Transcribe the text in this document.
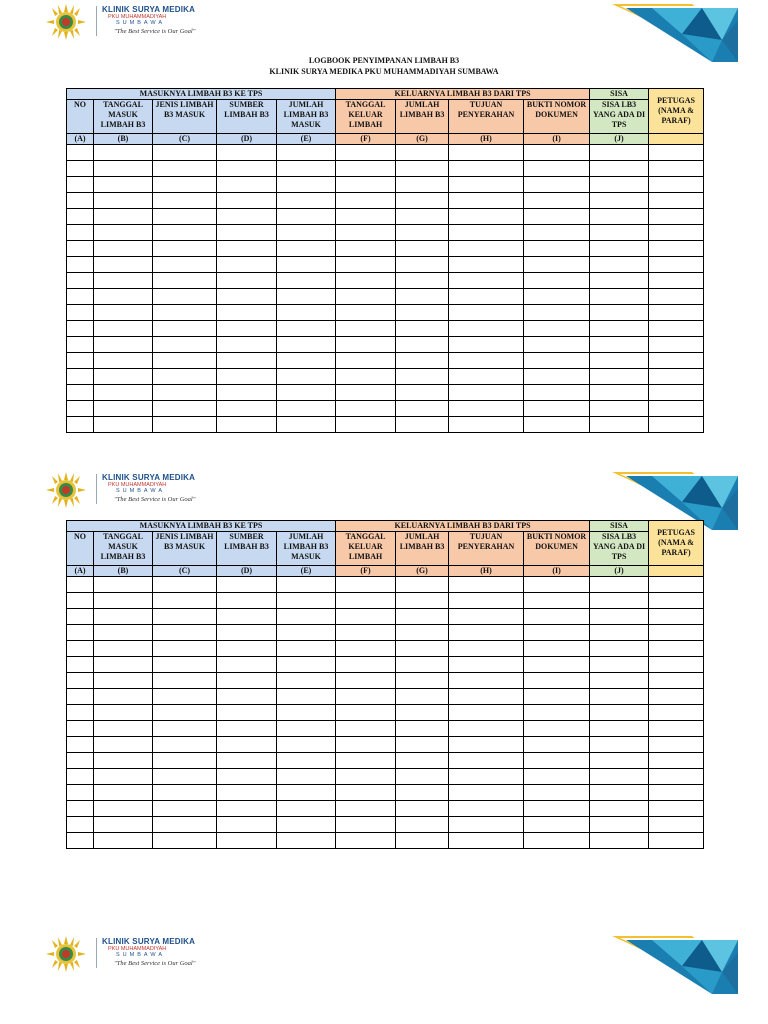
KLINIK SURYA MEDIKA
PKU MUHAMMADIYAH
SUMBAWA
"The Best Service is Our Goal"
LOGBOOK PENYIMPANAN LIMBAH B3
KLINIK SURYA MEDIKA PKU MUHAMMADIYAH SUMBAWA
MASUKNYA LIMBAH B3 KE TPS					KELUARNYA LIMBAH B3 DARI TPS				SISA	PETUGAS (NAMA & PARAF)
NO	TANGGAL MASUK LIMBAH B3	JENIS LIMBAH B3 MASUK	SUMBER LIMBAH B3	JUMLAH LIMBAH B3 MASUK	TANGGAL KELUAR LIMBAH	JUMLAH LIMBAH B3	TUJUAN PENYERAHAN	BUKTI NOMOR DOKUMEN	SISA LB3 YANG ADA DI TPS	
(A)	(B)	(C)	(D)	(E)	(F)	(G)	(H)	(I)	(J)	

KLINIK SURYA MEDIKA
PKU MUHAMMADIYAH
SUMBAWA
"The Best Service is Our Goal"
MASUKNYA LIMBAH B3 KE TPS					KELUARNYA LIMBAH B3 DARI TPS				SISA	PETUGAS (NAMA & PARAF)
NO	TANGGAL MASUK LIMBAH B3	JENIS LIMBAH B3 MASUK	SUMBER LIMBAH B3	JUMLAH LIMBAH B3 MASUK	TANGGAL KELUAR LIMBAH	JUMLAH LIMBAH B3	TUJUAN PENYERAHAN	BUKTI NOMOR DOKUMEN	SISA LB3 YANG ADA DI TPS	
(A)	(B)	(C)	(D)	(E)	(F)	(G)	(H)	(I)	(J)	

KLINIK SURYA MEDIKA
PKU MUHAMMADIYAH
SUMBAWA
"The Best Service is Our Goal"
